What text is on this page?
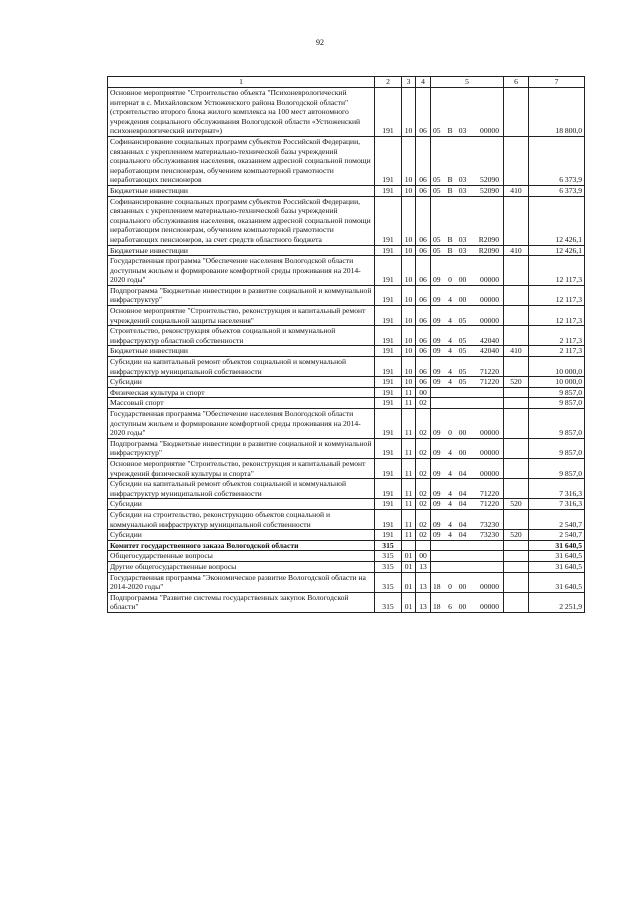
92
1	2	3	4	5	6	7
Основное мероприятие "Строительство объекта "Психоневрологический интернат в с. Михайловском Устюженского района Вологодской области" (строительство второго блока жилого комплекса на 100 мест автономного учреждения социального обслуживания Вологодской области «Устюженский психоневрологический интернат»)	191	10	06	05 В 03 00000		18 800,0
Софинансирование социальных программ субъектов Российской Федерации, связанных с укреплением материально-технической базы учреждений социального обслуживания населения, оказанием адресной социальной помощи неработающим пенсионерам, обучением компьютерной грамотности неработающих пенсионеров	191	10	06	05 В 03 52090		6 373,9
Бюджетные инвестиции	191	10	06	05 В 03 52090	410	6 373,9
Софинансирование социальных программ субъектов Российской Федерации, связанных с укреплением материально-технической базы учреждений социального обслуживания населения, оказанием адресной социальной помощи неработающим пенсионерам, обучением компьютерной грамотности неработающих пенсионеров, за счет средств областного бюджета	191	10	06	05 В 03 R2090		12 426,1
Бюджетные инвестиции	191	10	06	05 В 03 R2090	410	12 426,1
Государственная программа "Обеспечение населения Вологодской области доступным жильем и формирование комфортной среды проживания на 2014-2020 годы"	191	10	06	09 0 00 00000		12 117,3
Подпрограмма "Бюджетные инвестиции в развитие социальной и коммунальной инфраструктур"	191	10	06	09 4 00 00000		12 117,3
Основное мероприятие "Строительство, реконструкция и капитальный ремонт учреждений социальной защиты населения"	191	10	06	09 4 05 00000		12 117,3
Строительство, реконструкция объектов социальной и коммунальной инфраструктур областной собственности	191	10	06	09 4 05 42040		2 117,3
Бюджетные инвестиции	191	10	06	09 4 05 42040	410	2 117,3
Субсидии на капитальный ремонт объектов социальной и коммунальной инфраструктур муниципальной собственности	191	10	06	09 4 05 71220		10 000,0
Субсидии	191	10	06	09 4 05 71220	520	10 000,0
Физическая культура и спорт	191	11	00			9 857,0
Массовый спорт	191	11	02			9 857,0
Государственная программа "Обеспечение населения Вологодской области доступным жильем и формирование комфортной среды проживания на 2014-2020 годы"	191	11	02	09 0 00 00000		9 857,0
Подпрограмма "Бюджетные инвестиции в развитие социальной и коммунальной инфраструктур"	191	11	02	09 4 00 00000		9 857,0
Основное мероприятие "Строительство, реконструкция и капитальный ремонт учреждений физической культуры и спорта"	191	11	02	09 4 04 00000		9 857,0
Субсидии на капитальный ремонт объектов социальной и коммунальной инфраструктур муниципальной собственности	191	11	02	09 4 04 71220		7 316,3
Субсидии	191	11	02	09 4 04 71220	520	7 316,3
Субсидии на строительство, реконструкцию объектов социальной и коммунальной инфраструктур муниципальной собственности	191	11	02	09 4 04 73230		2 540,7
Субсидии	191	11	02	09 4 04 73230	520	2 540,7
Комитет государственного заказа Вологодской области	315					31 640,5
Общегосударственные вопросы	315	01	00			31 640,5
Другие общегосударственные вопросы	315	01	13			31 640,5
Государственная программа "Экономическое развитие Вологодской области на 2014-2020 годы"	315	01	13	18 0 00 00000		31 640,5
Подпрограмма "Развитие системы государственных закупок Вологодской области"	315	01	13	18 6 00 00000		2 251,9
